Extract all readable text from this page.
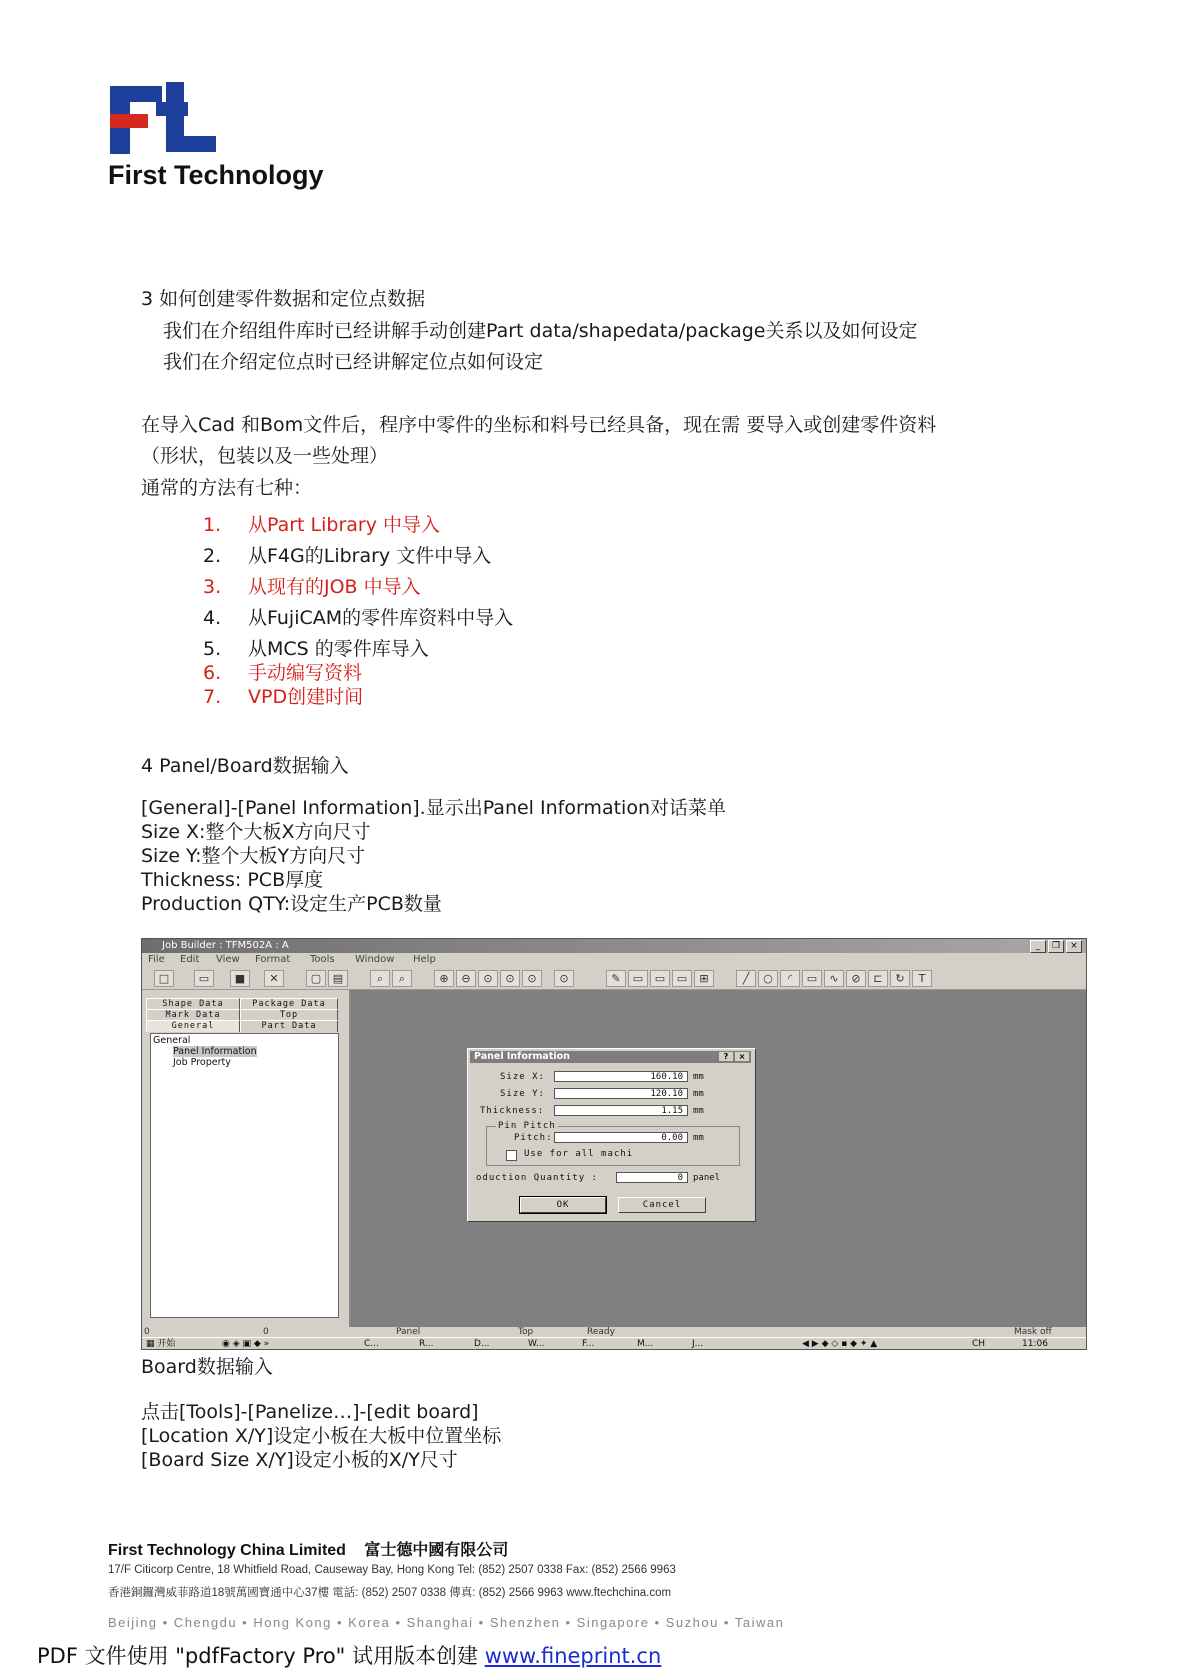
First Technology
3 如何创建零件数据和定位点数据
我们在介绍组件库时已经讲解手动创建Part data/shapedata/package关系以及如何设定
我们在介绍定位点时已经讲解定位点如何设定
在导入Cad 和Bom文件后，程序中零件的坐标和料号已经具备，现在需 要导入或创建零件资料
（形状，包装以及一些处理）
通常的方法有七种：
1. 从Part Library 中导入
2. 从F4G的Library 文件中导入
3. 从现有的JOB 中导入
4. 从FujiCAM的零件库资料中导入
5. 从MCS 的零件库导入
6. 手动编写资料
7. VPD创建时间
4 Panel/Board数据输入
[General]-[Panel Information].显示出Panel Information对话菜单
Size X:整个大板X方向尺寸
Size Y:整个大板Y方向尺寸
Thickness: PCB厚度
Production QTY:设定生产PCB数量
Job Builder : TFM502A : A	_	❐	×
File Edit View Format Tools Window Help
□	▭	■	✕	▢	▤	⌕	⌕	⊕	⊖	⊙	⊙	⊙	⊙	✎	▭	▭	▭	⊞	╱	○	◜	▭	∿	⊘	⊏	↻	T
Shape Data	Package Data
Mark Data	Top
General	Part Data
General
Panel Information
Job Property
0	0	Panel	Top	Ready	Mask off
▦ 开始	◉ ◈ ▣ ◆ »	C...	R...	D...	W...	F...	M...	J...	◀ ▶ ◆ ◇ ▪ ◆ ✦ ▲	CH	11:06
Panel Information	?	×
Size X:	160.10	mm
Size Y:	120.10	mm
Thickness:	1.15	mm
Pin Pitch
Pitch:	0.00	mm
Use for all machi
oduction Quantity :	0	panel
OK	Cancel
Board数据输入
点击[Tools]-[Panelize…]-[edit board]
[Location X/Y]设定小板在大板中位置坐标
[Board Size X/Y]设定小板的X/Y尺寸
First Technology China Limited 富士德中國有限公司
17/F Citicorp Centre, 18 Whitfield Road, Causeway Bay, Hong Kong Tel: (852) 2507 0338 Fax: (852) 2566 9963
香港銅鑼灣威菲路道18號萬國寶通中心37樓 電話: (852) 2507 0338 傳真: (852) 2566 9963 www.ftechchina.com
Beijing • Chengdu • Hong Kong • Korea • Shanghai • Shenzhen • Singapore • Suzhou • Taiwan
PDF 文件使用 "pdfFactory Pro" 试用版本创建 www.fineprint.cn
